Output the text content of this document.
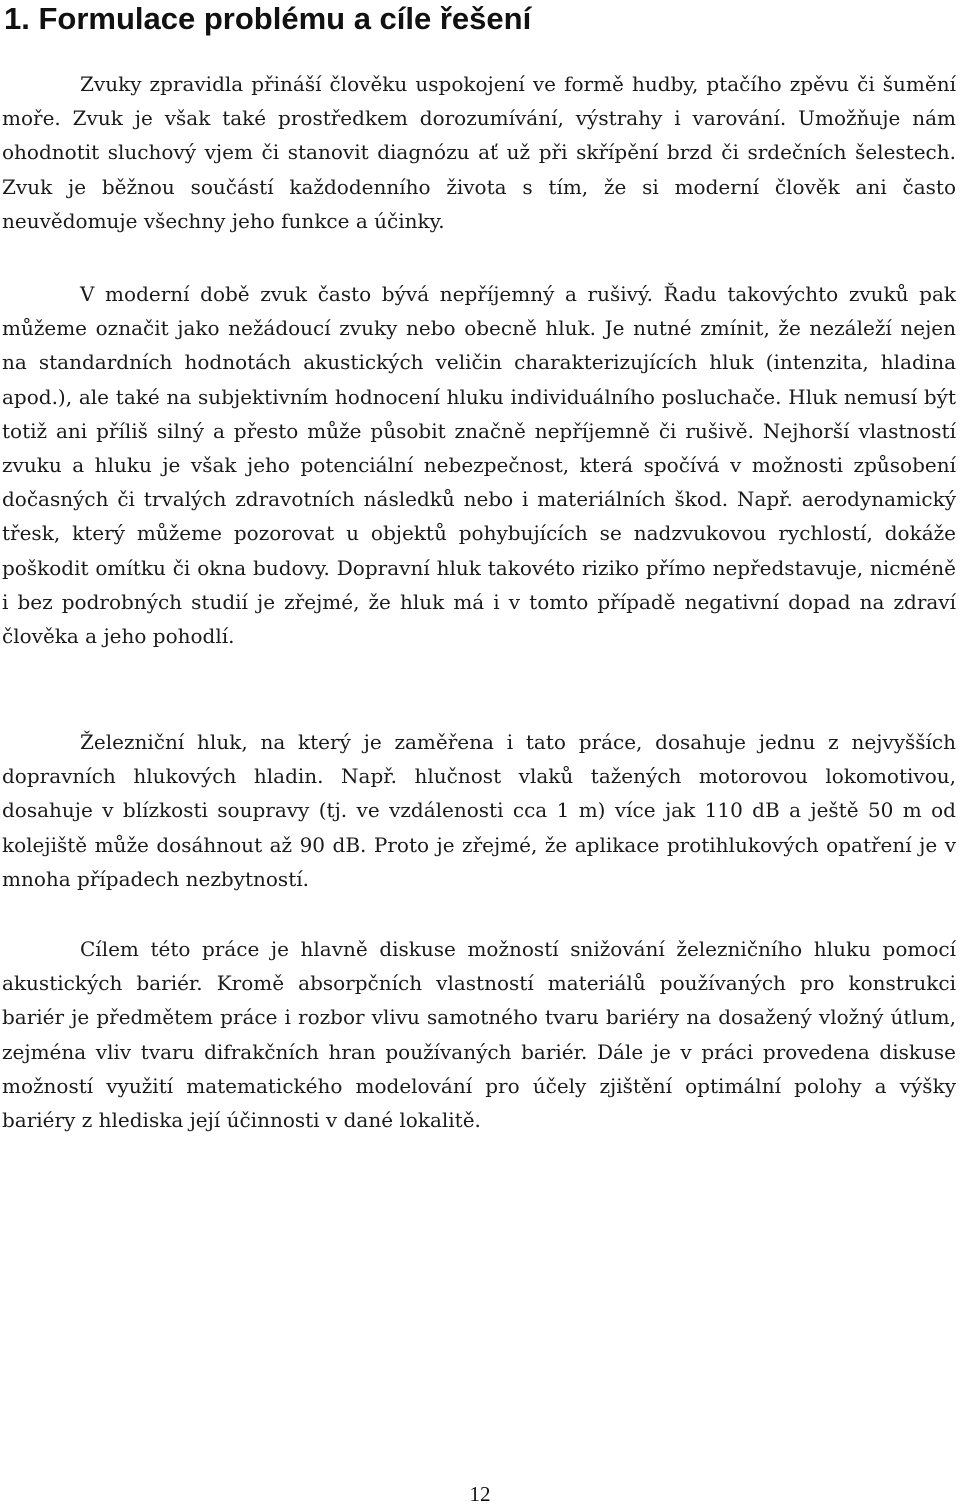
1. Formulace problému a cíle řešení

Zvuky zpravidla přináší člověku uspokojení ve formě hudby, ptačího zpěvu či šumění moře. Zvuk je však také prostředkem dorozumívání, výstrahy i varování. Umožňuje nám ohodnotit sluchový vjem či stanovit diagnózu ať už při skřípění brzd či srdečních šelestech. Zvuk je běžnou součástí každodenního života s tím, že si moderní člověk ani často neuvědomuje všechny jeho funkce a účinky.

V moderní době zvuk často bývá nepříjemný a rušivý. Řadu takovýchto zvuků pak můžeme označit jako nežádoucí zvuky nebo obecně hluk. Je nutné zmínit, že nezáleží nejen na standardních hodnotách akustických veličin charakterizujících hluk (intenzita, hladina apod.), ale také na subjektivním hodnocení hluku individuálního posluchače. Hluk nemusí být totiž ani příliš silný a přesto může působit značně nepříjemně či rušivě. Nejhorší vlastností zvuku a hluku je však jeho potenciální nebezpečnost, která spočívá v možnosti způsobení dočasných či trvalých zdravotních následků nebo i materiálních škod. Např. aerodynamický třesk, který můžeme pozorovat u objektů pohybujících se nadzvukovou rychlostí, dokáže poškodit omítku či okna budovy. Dopravní hluk takovéto riziko přímo nepředstavuje, nicméně i bez podrobných studií je zřejmé, že hluk má i v tomto případě negativní dopad na zdraví člověka a jeho pohodlí.

Železniční hluk, na který je zaměřena i tato práce, dosahuje jednu z nejvyšších dopravních hlukových hladin. Např. hlučnost vlaků tažených motorovou lokomotivou, dosahuje v blízkosti soupravy (tj. ve vzdálenosti cca 1 m) více jak 110 dB a ještě 50 m od kolejiště může dosáhnout až 90 dB. Proto je zřejmé, že aplikace protihlukových opatření je v mnoha případech nezbytností.

Cílem této práce je hlavně diskuse možností snižování železničního hluku pomocí akustických bariér. Kromě absorpčních vlastností materiálů používaných pro konstrukci bariér je předmětem práce i rozbor vlivu samotného tvaru bariéry na dosažený vložný útlum, zejména vliv tvaru difrakčních hran používaných bariér. Dále je v práci provedena diskuse možností využití matematického modelování pro účely zjištění optimální polohy a výšky bariéry z hlediska její účinnosti v dané lokalitě.

12
